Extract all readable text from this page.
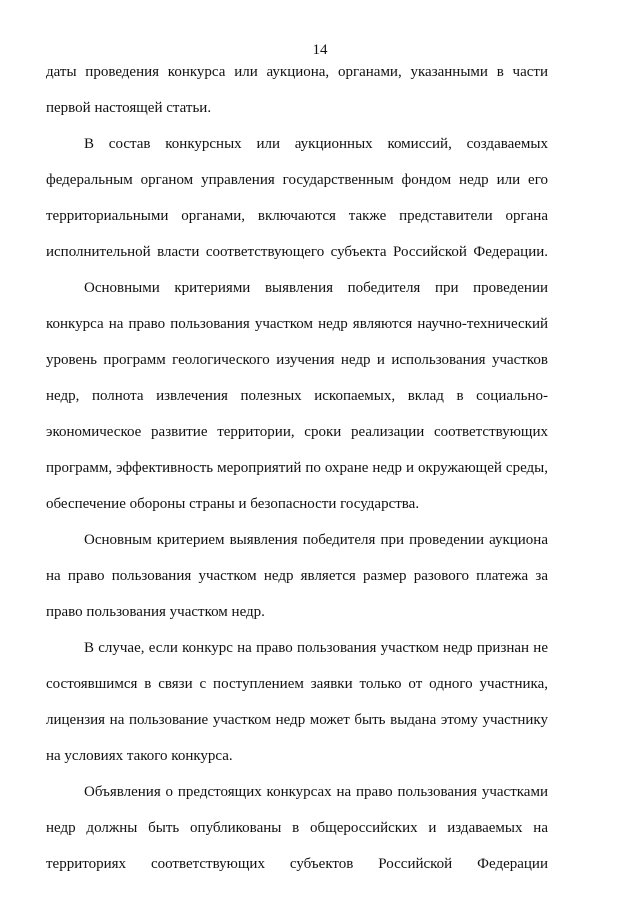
14
даты проведения конкурса или аукциона, органами, указанными в части
первой настоящей статьи.
В состав конкурсных или аукционных комиссий, создаваемых
федеральным органом управления государственным фондом недр или его
территориальными органами, включаются также представители органа
исполнительной власти соответствующего субъекта Российской Федерации.
Основными критериями выявления победителя при проведении
конкурса на право пользования участком недр являются научно-технический
уровень программ геологического изучения недр и использования участков
недр, полнота извлечения полезных ископаемых, вклад в социально-
экономическое развитие территории, сроки реализации соответствующих
программ, эффективность мероприятий по охране недр и окружающей среды,
обеспечение обороны страны и безопасности государства.
Основным критерием выявления победителя при проведении аукциона
на право пользования участком недр является размер разового платежа за
право пользования участком недр.
В случае, если конкурс на право пользования участком недр признан не
состоявшимся в связи с поступлением заявки только от одного участника,
лицензия на пользование участком недр может быть выдана этому участнику
на условиях такого конкурса.
Объявления о предстоящих конкурсах на право пользования участками
недр должны быть опубликованы в общероссийских и издаваемых на
территориях соответствующих субъектов Российской Федерации
